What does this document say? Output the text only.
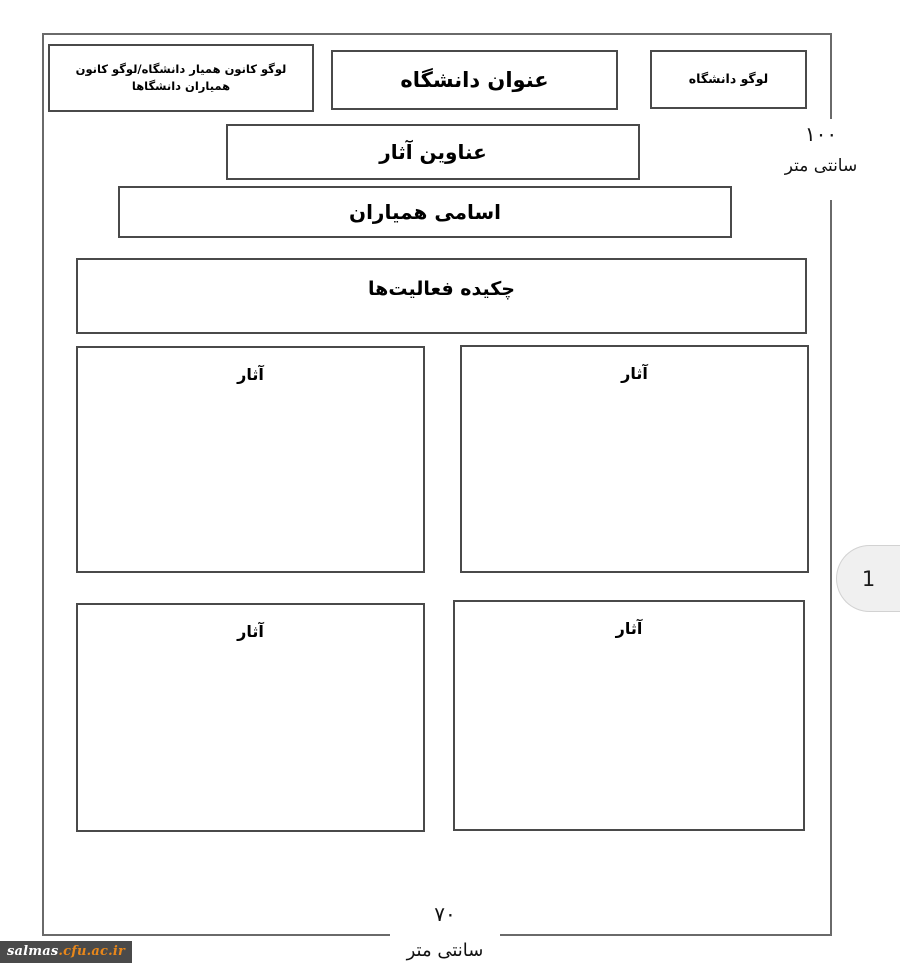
لوگو کانون همیار دانشگاه/لوگو کانون همیاران دانشگاها	عنوان دانشگاه	لوگو دانشگاه
عناوین آثار
اسامی همیاران
چکیده فعالیت‌ها
آثار	آثار
آثار	آثار
۱۰۰
سانتی متر
۷۰
سانتی متر
1
salmas.cfu.ac.ir
